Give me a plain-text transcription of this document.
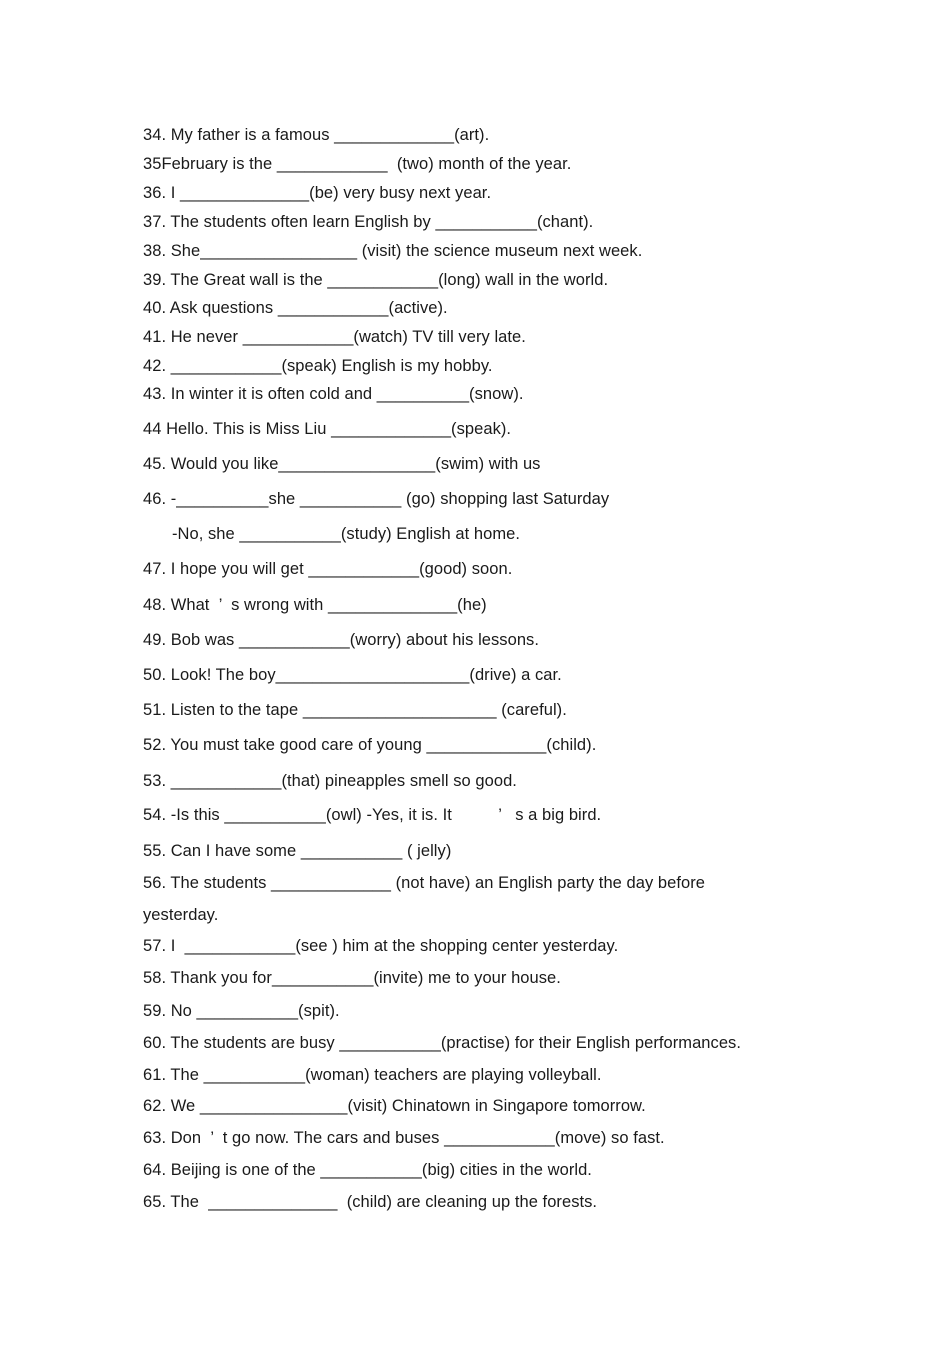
34. My father is a famous _____________(art).
35February is the ____________  (two) month of the year.
36. I ______________(be) very busy next year.
37. The students often learn English by ___________(chant).
38. She_________________ (visit) the science museum next week.
39. The Great wall is the ____________(long) wall in the world.
40. Ask questions ____________(active).
41. He never ____________(watch) TV till very late.
42. ____________(speak) English is my hobby.
43. In winter it is often cold and __________(snow).
44 Hello. This is Miss Liu _____________(speak).
45. Would you like_________________(swim) with us
46. -__________she ___________ (go) shopping last Saturday
-No, she ___________(study) English at home.
47. I hope you will get ____________(good) soon.
48. What  ’  s wrong with ______________(he)
49. Bob was ____________(worry) about his lessons.
50. Look! The boy_____________________(drive) a car.
51. Listen to the tape _____________________ (careful).
52. You must take good care of young _____________(child).
53. ____________(that) pineapples smell so good.
54. -Is this ___________(owl) -Yes, it is. It          ’   s a big bird.
55. Can I have some ___________ ( jelly)
56. The students _____________ (not have) an English party the day before
yesterday.
57. I  ____________(see ) him at the shopping center yesterday.
58. Thank you for___________(invite) me to your house.
59. No ___________(spit).
60. The students are busy ___________(practise) for their English performances.
61. The ___________(woman) teachers are playing volleyball.
62. We ________________(visit) Chinatown in Singapore tomorrow.
63. Don  ’  t go now. The cars and buses ____________(move) so fast.
64. Beijing is one of the ___________(big) cities in the world.
65. The  ______________  (child) are cleaning up the forests.
